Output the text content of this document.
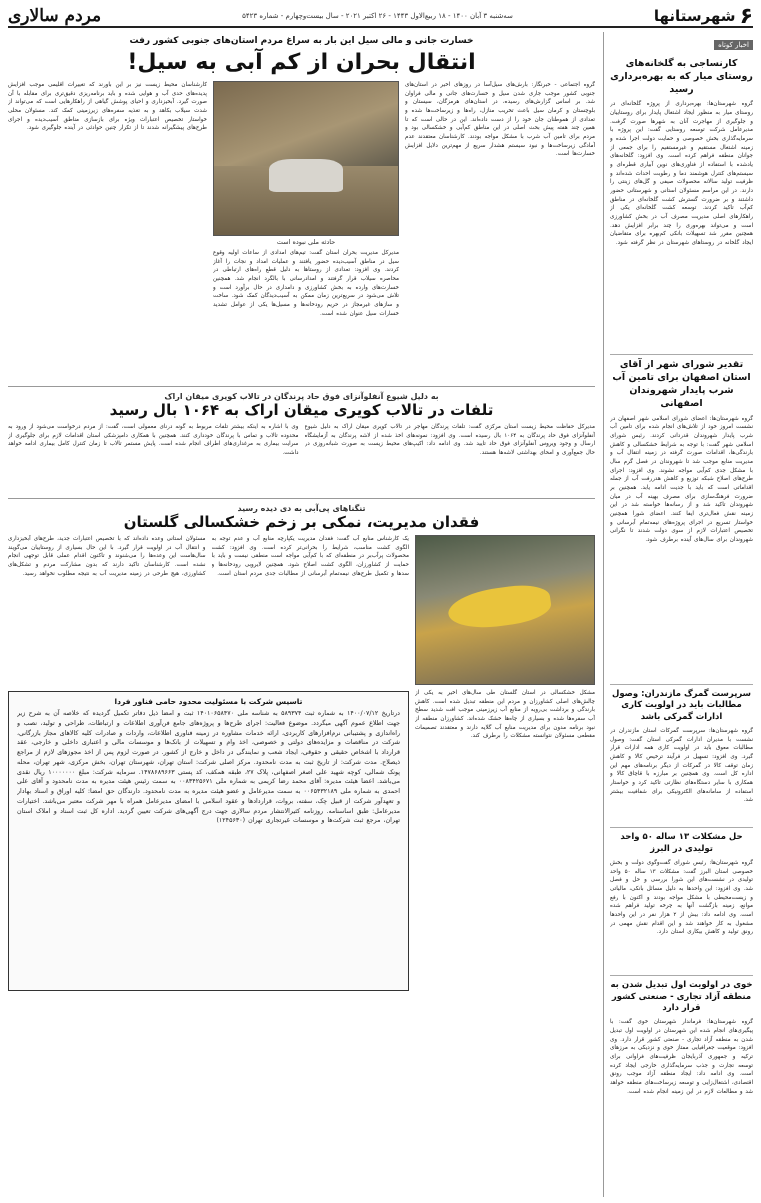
۶
شهرستانها
سه‌شنبه ۳ آبان ۱۴۰۰ - ۱۸ ربیع‌الاول ۱۴۴۳ - ۲۶ اکتبر ۲۰۲۱ - سال بیست‌وچهارم - شماره ۵۴۲۳
مردم سالاری
اخبار کوتاه
کارنساجی به گلخانه‌های روستای میار که به بهره‌برداری رسید
گروه شهرستان‌ها: بهره‌برداری از پروژه گلخانه‌ای در روستای میار به منظور ایجاد اشتغال پایدار برای روستاییان و جلوگیری از مهاجرت آنان به شهرها صورت گرفت. مدیرعامل شرکت توسعه روستایی گفت: این پروژه با سرمایه‌گذاری بخش خصوصی و حمایت دولت اجرا شده و زمینه اشتغال مستقیم و غیرمستقیم را برای جمعی از جوانان منطقه فراهم کرده است. وی افزود: گلخانه‌های یادشده با استفاده از فناوری‌های نوین آبیاری قطره‌ای و سیستم‌های کنترل هوشمند دما و رطوبت احداث شده‌اند و ظرفیت تولید سالانه محصولات صیفی و گل‌های زینتی را دارند. در این مراسم مسئولان استانی و شهرستانی حضور داشتند و بر ضرورت گسترش کشت گلخانه‌ای در مناطق کم‌آب تاکید کردند. توسعه کشت گلخانه‌ای یکی از راهکارهای اصلی مدیریت مصرف آب در بخش کشاورزی است و می‌تواند بهره‌وری را چند برابر افزایش دهد. همچنین مقرر شد تسهیلات بانکی کم‌بهره برای متقاضیان ایجاد گلخانه در روستاهای شهرستان در نظر گرفته شود.
تقدیر شورای شهر از آقای استان اصفهان برای تامین آب شرب پایدار شهروندان اصفهانی
گروه شهرستان‌ها: اعضای شورای اسلامی شهر اصفهان در نشست امروز خود از تلاش‌های انجام شده برای تامین آب شرب پایدار شهروندان قدردانی کردند. رئیس شورای اسلامی شهر گفت: با توجه به شرایط خشکسالی و کاهش بارندگی‌ها، اقدامات صورت گرفته در زمینه انتقال آب و مدیریت منابع موجب شد تا شهروندان در فصل گرم سال با مشکل جدی کم‌آبی مواجه نشوند. وی افزود: اجرای طرح‌های اصلاح شبکه توزیع و کاهش هدررفت آب از جمله اقداماتی است که باید با جدیت ادامه یابد. همچنین بر ضرورت فرهنگ‌سازی برای مصرف بهینه آب در میان شهروندان تاکید شد و از رسانه‌ها خواسته شد در این زمینه نقش فعال‌تری ایفا کنند. اعضای شورا همچنین خواستار تسریع در اجرای پروژه‌های نیمه‌تمام آبرسانی و تخصیص اعتبارات لازم از سوی دولت شدند تا نگرانی شهروندان برای سال‌های آینده برطرف شود.
سرپرست گمرگ مازندران: وصول مطالبات باید در اولویت کاری ادارات گمرکی باشد
گروه شهرستان‌ها: سرپرست گمرکات استان مازندران در نشست با مدیران ادارات گمرکی استان گفت: وصول مطالبات معوق باید در اولویت کاری همه ادارات قرار گیرد. وی افزود: تسهیل در فرآیند ترخیص کالا و کاهش زمان توقف کالا در گمرکات از دیگر برنامه‌های مهم این اداره کل است. وی همچنین بر مبارزه با قاچاق کالا و همکاری با سایر دستگاه‌های نظارتی تاکید کرد و خواستار استفاده از سامانه‌های الکترونیکی برای شفافیت بیشتر شد.
حل مشکلات ۱۳ ساله ۵۰ واحد تولیدی در البرز
گروه شهرستان‌ها: رئیس شورای گفت‌وگوی دولت و بخش خصوصی استان البرز گفت: مشکلات ۱۳ ساله ۵۰ واحد تولیدی در نشست‌های این شورا بررسی و حل و فصل شد. وی افزود: این واحدها به دلیل مسائل بانکی، مالیاتی و زیست‌محیطی با مشکل مواجه بودند و اکنون با رفع موانع، زمینه بازگشت آنها به چرخه تولید فراهم شده است. وی ادامه داد: بیش از ۲ هزار نفر در این واحدها مشغول به کار خواهند شد و این اقدام نقش مهمی در رونق تولید و کاهش بیکاری استان دارد.
خوی در اولویت اول تبدیل شدن به منطقه آزاد تجاری - صنعتی کشور قرار دارد
گروه شهرستان‌ها: فرماندار شهرستان خوی گفت: با پیگیری‌های انجام شده این شهرستان در اولویت اول تبدیل شدن به منطقه آزاد تجاری - صنعتی کشور قرار دارد. وی افزود: موقعیت جغرافیایی ممتاز خوی و نزدیکی به مرزهای ترکیه و جمهوری آذربایجان ظرفیت‌های فراوانی برای توسعه تجارت و جذب سرمایه‌گذاری خارجی ایجاد کرده است. وی ادامه داد: ایجاد منطقه آزاد موجب رونق اقتصادی، اشتغال‌زایی و توسعه زیرساخت‌های منطقه خواهد شد و مطالعات لازم در این زمینه انجام شده است.
خسارت جانی و مالی سیل این بار به سراغ مردم استان‌های جنوبی کشور رفت
انتقال بحران از کم آبی به سیل!
گروه اجتماعی - خبرنگار: بارش‌های سیل‌آسا در روزهای اخیر در استان‌های جنوبی کشور موجب جاری شدن سیل و خسارت‌های جانی و مالی فراوان شد. بر اساس گزارش‌های رسیده، در استان‌های هرمزگان، سیستان و بلوچستان و کرمان سیل باعث تخریب منازل، راه‌ها و زیرساخت‌ها شده و تعدادی از هموطنان جان خود را از دست داده‌اند. این در حالی است که تا همین چند هفته پیش بحث اصلی در این مناطق کم‌آبی و خشکسالی بود و مردم برای تامین آب شرب با مشکل مواجه بودند. کارشناسان معتقدند عدم آمادگی زیرساخت‌ها و نبود سیستم هشدار سریع از مهم‌ترین دلایل افزایش خسارت‌ها است.
حادثه ملی نبوده است
مدیرکل مدیریت بحران استان گفت: تیم‌های امدادی از ساعات اولیه وقوع سیل در مناطق آسیب‌دیده حضور یافتند و عملیات امداد و نجات را آغاز کردند. وی افزود: تعدادی از روستاها به دلیل قطع راه‌های ارتباطی در محاصره سیلاب قرار گرفتند و امدادرسانی با بالگرد انجام شد. همچنین خسارت‌های وارده به بخش کشاورزی و دامداری در حال برآورد است و تلاش می‌شود در سریع‌ترین زمان ممکن به آسیب‌دیدگان کمک شود. ساخت و سازهای غیرمجاز در حریم رودخانه‌ها و مسیل‌ها یکی از عوامل تشدید خسارات سیل عنوان شده است.
کارشناسان محیط زیست نیز بر این باورند که تغییرات اقلیمی موجب افزایش پدیده‌های حدی آب و هوایی شده و باید برنامه‌ریزی دقیق‌تری برای مقابله با آن صورت گیرد. آبخیزداری و احیای پوشش گیاهی از راهکارهایی است که می‌تواند از شدت سیلاب بکاهد و به تغذیه سفره‌های زیرزمینی کمک کند. مسئولان محلی خواستار تخصیص اعتبارات ویژه برای بازسازی مناطق آسیب‌دیده و اجرای طرح‌های پیشگیرانه شدند تا از تکرار چنین حوادثی در آینده جلوگیری شود.
به دلیل شیوع آنفلوآنزای فوق حاد پرندگان در تالاب کویری میقان اراک
تلفات در تالاب کویری میقان اراک به ۱۰۶۴ بال رسید
مدیرکل حفاظت محیط زیست استان مرکزی گفت: تلفات پرندگان مهاجر در تالاب کویری میقان اراک به دلیل شیوع آنفلوآنزای فوق حاد پرندگان به ۱۰۶۴ بال رسیده است. وی افزود: نمونه‌های اخذ شده از لاشه پرندگان به آزمایشگاه ارسال و وجود ویروس آنفلوآنزای فوق حاد تایید شد. وی ادامه داد: اکیپ‌های محیط زیست به صورت شبانه‌روزی در حال جمع‌آوری و امحای بهداشتی لاشه‌ها هستند.
وی با اشاره به اینکه بیشتر تلفات مربوط به گونه درنای معمولی است، گفت: از مردم درخواست می‌شود از ورود به محدوده تالاب و تماس با پرندگان خودداری کنند. همچنین با همکاری دامپزشکی استان اقدامات لازم برای جلوگیری از سرایت بیماری به مرغداری‌های اطراف انجام شده است. پایش مستمر تالاب تا زمان کنترل کامل بیماری ادامه خواهد داشت.
تنگناهای پی‌آبی به دی دیده رسید
فقدان مدیریت، نمکی بر زخم خشکسالی گلستان
مشکل خشکسالی در استان گلستان طی سال‌های اخیر به یکی از چالش‌های اصلی کشاورزان و مردم این منطقه تبدیل شده است. کاهش بارندگی و برداشت بی‌رویه از منابع آب زیرزمینی موجب افت شدید سطح آب سفره‌ها شده و بسیاری از چاه‌ها خشک شده‌اند. کشاورزان منطقه از نبود برنامه مدون برای مدیریت منابع آب گلایه دارند و معتقدند تصمیمات مقطعی مسئولان نتوانسته مشکلات را برطرف کند.
یک کارشناس منابع آب گفت: فقدان مدیریت یکپارچه منابع آب و عدم توجه به الگوی کشت مناسب، شرایط را بحرانی‌تر کرده است. وی افزود: کشت محصولات پرآب‌بر در منطقه‌ای که با کم‌آبی مواجه است منطقی نیست و باید با حمایت از کشاورزان، الگوی کشت اصلاح شود. همچنین لایروبی رودخانه‌ها و سدها و تکمیل طرح‌های نیمه‌تمام آبرسانی از مطالبات جدی مردم استان است.
مسئولان استانی وعده داده‌اند که با تخصیص اعتبارات جدید، طرح‌های آبخیزداری و انتقال آب در اولویت قرار گیرد. با این حال بسیاری از روستاییان می‌گویند سال‌هاست این وعده‌ها را می‌شنوند و تاکنون اقدام عملی قابل توجهی انجام نشده است. کارشناسان تاکید دارند که بدون مشارکت مردم و تشکل‌های کشاورزی، هیچ طرحی در زمینه مدیریت آب به نتیجه مطلوب نخواهد رسید.
تاسیس شرکت با مسئولیت محدود حامی فناور فردا
درتاریخ ۱۴۰۰/۰۷/۱۲ به شماره ثبت ۵۸۹۳۷۴ به شناسه ملی ۱۴۰۱۰۶۵۸۴۷۰ ثبت و امضا ذیل دفاتر تکمیل گردیده که خلاصه آن به شرح زیر جهت اطلاع عموم آگهی میگردد. موضوع فعالیت: اجرای طرح‌ها و پروژه‌های جامع فن‌آوری اطلاعات و ارتباطات، طراحی و تولید، نصب و راه‌اندازی و پشتیبانی نرم‌افزارهای کاربردی، ارائه خدمات مشاوره در زمینه فناوری اطلاعات، واردات و صادرات کلیه کالاهای مجاز بازرگانی، شرکت در مناقصات و مزایده‌های دولتی و خصوصی، اخذ وام و تسهیلات از بانک‌ها و موسسات مالی و اعتباری داخلی و خارجی، عقد قرارداد با اشخاص حقیقی و حقوقی، ایجاد شعب و نمایندگی در داخل و خارج از کشور. در صورت لزوم پس از اخذ مجوزهای لازم از مراجع ذیصلاح. مدت شرکت: از تاریخ ثبت به مدت نامحدود. مرکز اصلی شرکت: استان تهران، شهرستان تهران، بخش مرکزی، شهر تهران، محله پونک شمالی، کوچه شهید علی اصغر اصفهانی، پلاک ۲۷، طبقه همکف، کد پستی ۱۴۷۸۶۸۹۶۶۳. سرمایه شرکت: مبلغ ۱۰۰۰۰۰۰۰ ریال نقدی می‌باشد. اعضا هیئت مدیره: آقای محمد رضا کریمی به شماره ملی ۰۰۸۳۴۲۵۶۷۱ به سمت رئیس هیئت مدیره به مدت نامحدود و آقای علی احمدی به شماره ملی ۰۰۶۵۴۳۲۱۸۹ به سمت مدیرعامل و عضو هیئت مدیره به مدت نامحدود. دارندگان حق امضا: کلیه اوراق و اسناد بهادار و تعهدآور شرکت از قبیل چک، سفته، بروات، قراردادها و عقود اسلامی با امضای مدیرعامل همراه با مهر شرکت معتبر می‌باشد. اختیارات مدیرعامل: طبق اساسنامه. روزنامه کثیرالانتشار مردم سالاری جهت درج آگهی‌های شرکت تعیین گردید. اداره کل ثبت اسناد و املاک استان تهران، مرجع ثبت شرکت‌ها و موسسات غیرتجاری تهران (۱۲۴۵۶۳۰)
